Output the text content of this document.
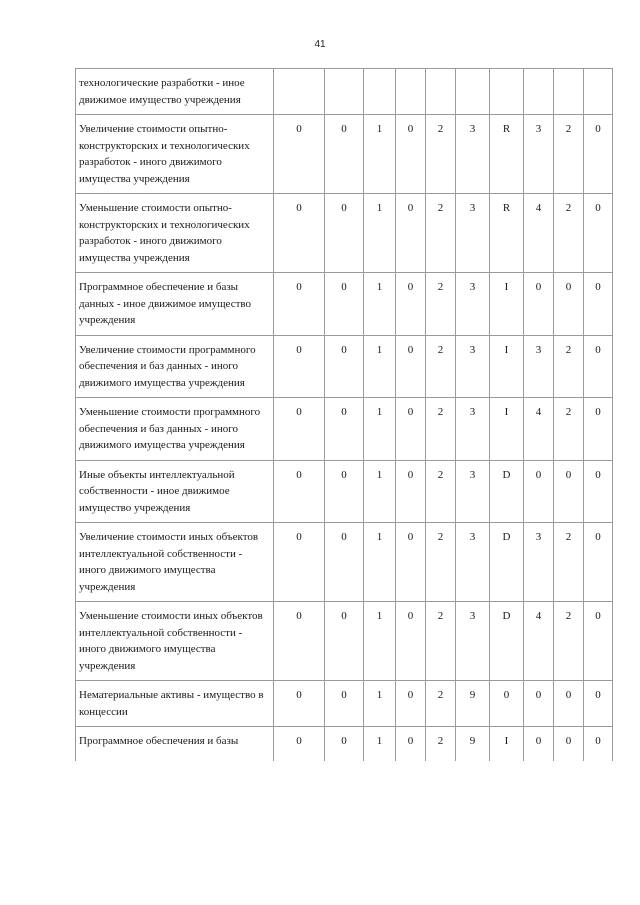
41
технологические разработки - иное движимое имущество учреждения										
Увеличение стоимости опытно-конструкторских и технологических разработок - иного движимого имущества учреждения	0	0	1	0	2	3	R	3	2	0
Уменьшение стоимости опытно-конструкторских и технологических разработок - иного движимого имущества учреждения	0	0	1	0	2	3	R	4	2	0
Программное обеспечение и базы данных - иное движимое имущество учреждения	0	0	1	0	2	3	I	0	0	0
Увеличение стоимости программного обеспечения и баз данных - иного движимого имущества учреждения	0	0	1	0	2	3	I	3	2	0
Уменьшение стоимости программного обеспечения и баз данных - иного движимого имущества учреждения	0	0	1	0	2	3	I	4	2	0
Иные объекты интеллектуальной собственности - иное движимое имущество учреждения	0	0	1	0	2	3	D	0	0	0
Увеличение стоимости иных объектов интеллектуальной собственности - иного движимого имущества учреждения	0	0	1	0	2	3	D	3	2	0
Уменьшение стоимости иных объектов интеллектуальной собственности - иного движимого имущества учреждения	0	0	1	0	2	3	D	4	2	0
Нематериальные активы - имущество в концессии	0	0	1	0	2	9	0	0	0	0
Программное обеспечения и базы	0	0	1	0	2	9	I	0	0	0
